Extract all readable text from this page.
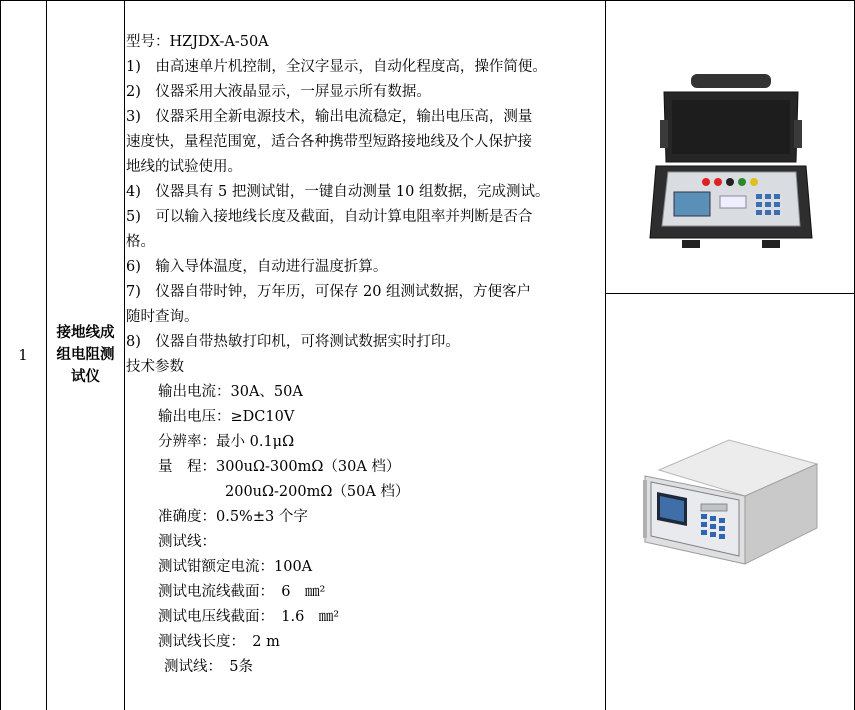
1
接地线成组电阻测试仪
型号：HZJDX-A-50A
1)　由高速单片机控制，全汉字显示，自动化程度高，操作简便。
2)　仪器采用大液晶显示，一屏显示所有数据。
3)　仪器采用全新电源技术，输出电流稳定，输出电压高，测量
速度快，量程范围宽，适合各种携带型短路接地线及个人保护接
地线的试验使用。
4)　仪器具有 5 把测试钳，一键自动测量 10 组数据，完成测试。
5)　可以输入接地线长度及截面，自动计算电阻率并判断是否合
格。
6)　输入导体温度，自动进行温度折算。
7)　仪器自带时钟，万年历，可保存 20 组测试数据，方便客户
随时查询。
8)　仪器自带热敏打印机，可将测试数据实时打印。
技术参数
输出电流：30A、50A
输出电压：≥DC10V
分辨率：最小 0.1μΩ
量　程：300uΩ-300mΩ（30A 档）
200uΩ-200mΩ（50A 档）
准确度：0.5%±3 个字
测试线：
测试钳额定电流：100A
测试电流线截面：　6　㎜²
测试电压线截面：　1.6　㎜²
测试线长度：　2 m
测试线：　5条
